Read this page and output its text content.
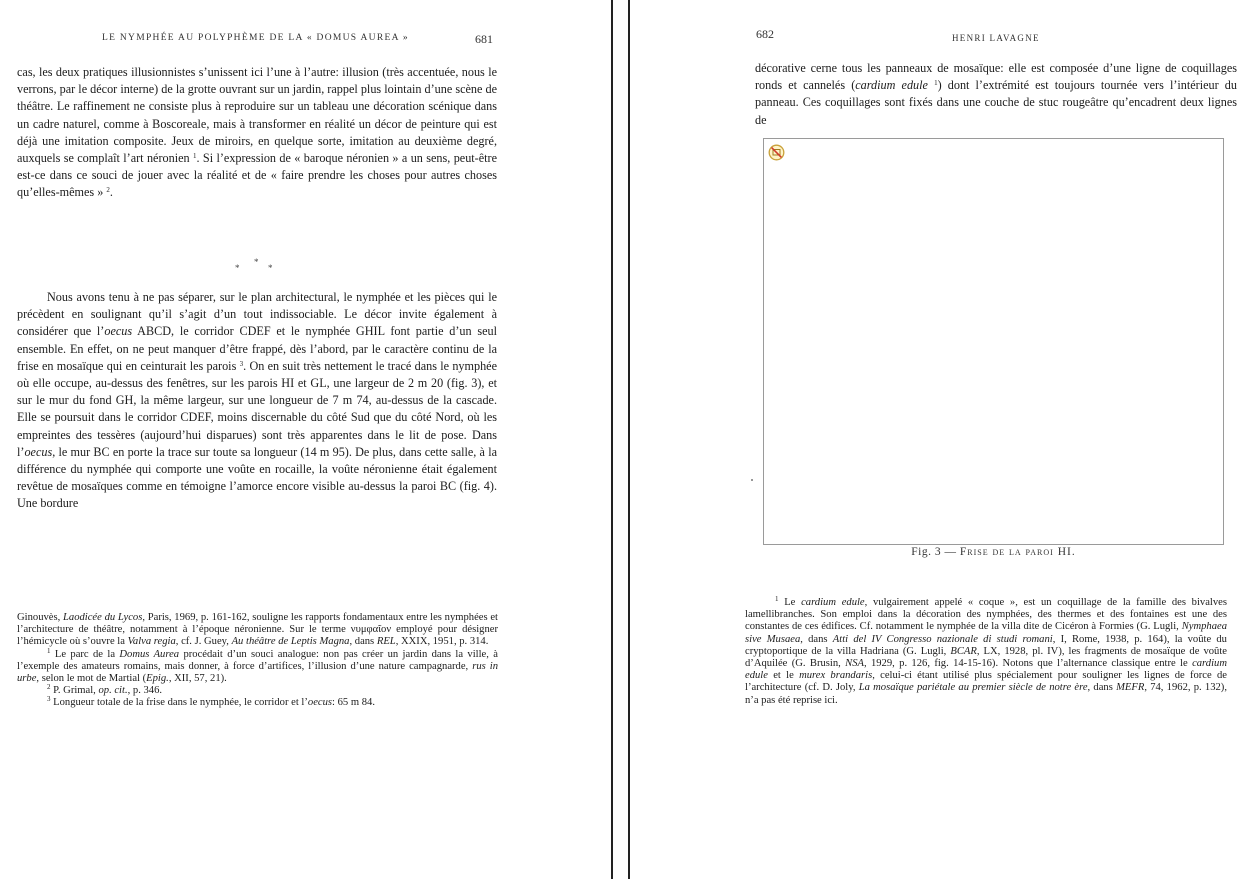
LE NYMPHÉE AU POLYPHÈME DE LA « DOMUS AUREA »	681

cas, les deux pratiques illusionnistes s’unissent ici l’une à l’autre: illusion (très accentuée, nous le verrons, par le décor interne) de la grotte ouvrant sur un jardin, rappel plus lointain d’une scène de théâtre. Le raffinement ne consiste plus à reproduire sur un tableau une décoration scénique dans un cadre naturel, comme à Boscoreale, mais à transformer en réalité un décor de peinture qui est déjà une imitation composite. Jeux de miroirs, en quelque sorte, imitation au deuxième degré, auxquels se complaît l’art néronien $^1$. Si l’expression de « baroque néronien » a un sens, peut-être est-ce dans ce souci de jouer avec la réalité et de « faire prendre les choses pour autres choses qu’elles-mêmes » $^2$.

*
*
*

Nous avons tenu à ne pas séparer, sur le plan architectural, le nymphée et les pièces qui le précèdent en soulignant qu’il s’agit d’un tout indissociable. Le décor invite également à considérer que l’oecus ABCD, le corridor CDEF et le nymphée GHIL font partie d’un seul ensemble. En effet, on ne peut manquer d’être frappé, dès l’abord, par le caractère continu de la frise en mosaïque qui en ceinturait les parois $^3$. On en suit très nettement le tracé dans le nymphée où elle occupe, au-dessus des fenêtres, sur les parois HI et GL, une largeur de 2 m 20 (fig. 3), et sur le mur du fond GH, la même largeur, sur une longueur de 7 m 74, au-dessus de la cascade. Elle se poursuit dans le corridor CDEF, moins discernable du côté Sud que du côté Nord, où les empreintes des tessères (aujourd’hui disparues) sont très apparentes dans le lit de pose. Dans l’oecus, le mur BC en porte la trace sur toute sa longueur (14 m 95). De plus, dans cette salle, à la différence du nymphée qui comporte une voûte en rocaille, la voûte néronienne était également revêtue de mosaïques comme en témoigne l’amorce encore visible au-dessus la paroi BC (fig. 4). Une bordure

Ginouvès, Laodicée du Lycos, Paris, 1969, p. 161-162, souligne les rapports fondamentaux entre les nymphées et l’architecture de théâtre, notamment à l’époque néronienne. Sur le terme νυμφαῖον employé pour désigner l’hémicycle où s’ouvre la Valva regia, cf. J. Guey, Au théâtre de Leptis Magna, dans REL, XXIX, 1951, p. 314.

$^1$ Le parc de la Domus Aurea procédait d’un souci analogue: non pas créer un jardin dans la ville, à l’exemple des amateurs romains, mais donner, à force d’artifices, l’illusion d’une nature campagnarde, rus in urbe, selon le mot de Martial (Epig., XII, 57, 21).

$^2$ P. Grimal, op. cit., p. 346.

$^3$ Longueur totale de la frise dans le nymphée, le corridor et l’oecus: 65 m 84.

682	HENRI LAVAGNE

décorative cerne tous les panneaux de mosaïque: elle est composée d’une ligne de coquillages ronds et cannelés (cardium edule $^1$) dont l’extrémité est toujours tournée vers l’intérieur du panneau. Ces coquillages sont fixés dans une couche de stuc rougeâtre qu’encadrent deux lignes de

Fig. 3 — Frise de la paroi HI.

$^1$ Le cardium edule, vulgairement appelé « coque », est un coquillage de la famille des bivalves lamellibranches. Son emploi dans la décoration des nymphées, des thermes et des fontaines est une des constantes de ces édifices. Cf. notamment le nymphée de la villa dite de Cicéron à Formies (G. Lugli, Nymphaea sive Musaea, dans Atti del IV Congresso nazionale di studi romani, I, Rome, 1938, p. 164), la voûte du cryptoportique de la villa Hadriana (G. Lugli, BCAR, LX, 1928, pl. IV), les fragments de mosaïque de voûte d’Aquilée (G. Brusin, NSA, 1929, p. 126, fig. 14-15-16). Notons que l’alternance classique entre le cardium edule et le murex brandaris, celui-ci étant utilisé plus spécialement pour souligner les lignes de force de l’architecture (cf. D. Joly, La mosaïque pariétale au premier siècle de notre ère, dans MEFR, 74, 1962, p. 132), n’a pas été reprise ici.
